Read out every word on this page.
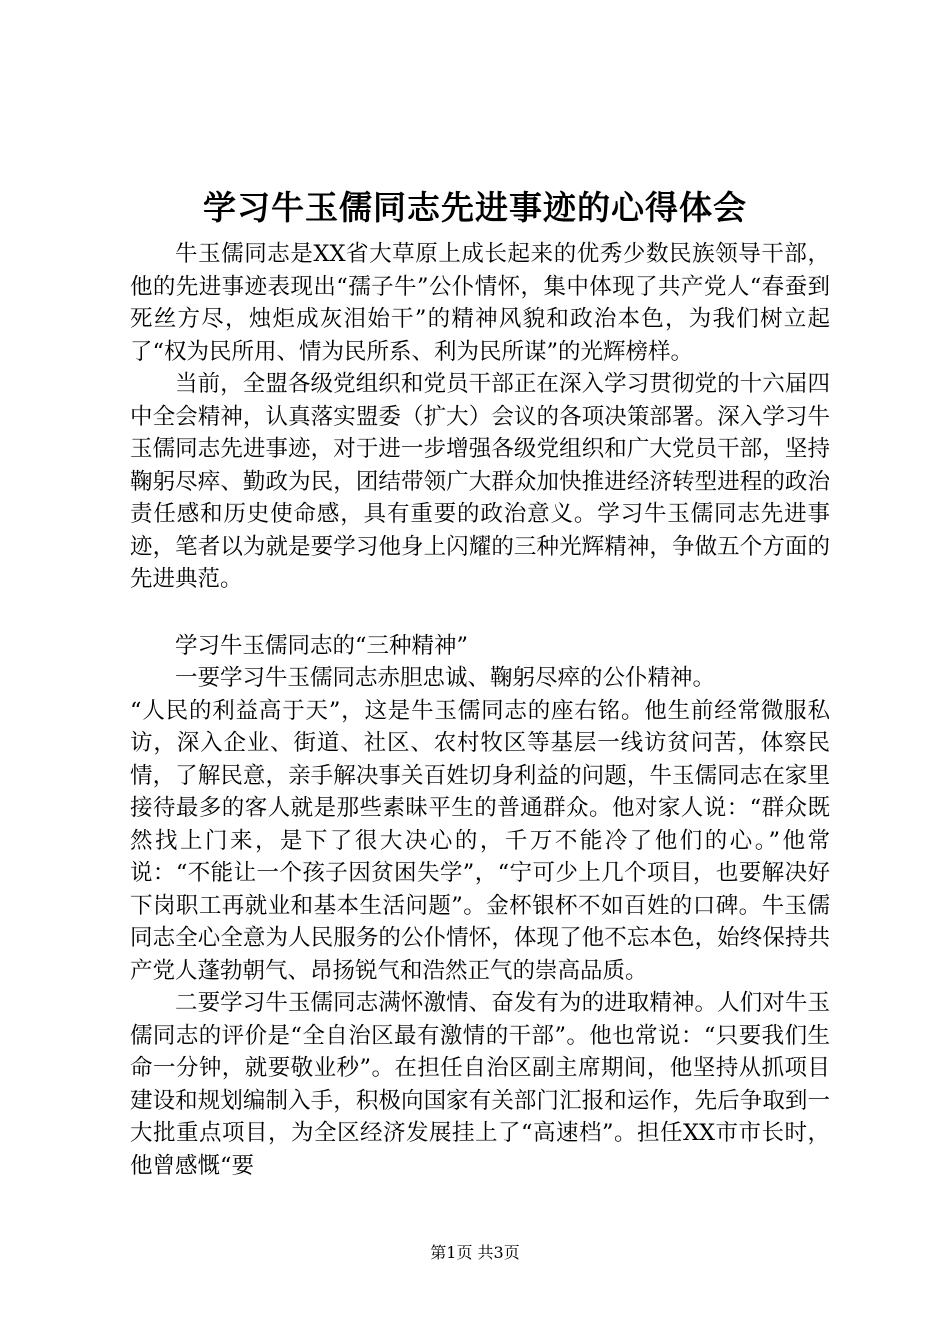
学习牛玉儒同志先进事迹的心得体会

牛玉儒同志是XX省大草原上成长起来的优秀少数民族领导干部，他的先进事迹表现出“孺子牛”公仆情怀，集中体现了共产党人“春蚕到死丝方尽，烛炬成灰泪始干”的精神风貌和政治本色，为我们树立起了“权为民所用、情为民所系、利为民所谋”的光辉榜样。

当前，全盟各级党组织和党员干部正在深入学习贯彻党的十六届四中全会精神，认真落实盟委（扩大）会议的各项决策部署。深入学习牛玉儒同志先进事迹，对于进一步增强各级党组织和广大党员干部，坚持鞠躬尽瘁、勤政为民，团结带领广大群众加快推进经济转型进程的政治责任感和历史使命感，具有重要的政治意义。学习牛玉儒同志先进事迹，笔者以为就是要学习他身上闪耀的三种光辉精神，争做五个方面的先进典范。

学习牛玉儒同志的“三种精神”

一要学习牛玉儒同志赤胆忠诚、鞠躬尽瘁的公仆精神。

“人民的利益高于天”，这是牛玉儒同志的座右铭。他生前经常微服私访，深入企业、街道、社区、农村牧区等基层一线访贫问苦，体察民情，了解民意，亲手解决事关百姓切身利益的问题，牛玉儒同志在家里接待最多的客人就是那些素昧平生的普通群众。他对家人说：“群众既然找上门来，是下了很大决心的，千万不能冷了他们的心。”他常说：“不能让一个孩子因贫困失学”，“宁可少上几个项目，也要解决好下岗职工再就业和基本生活问题”。金杯银杯不如百姓的口碑。牛玉儒同志全心全意为人民服务的公仆情怀，体现了他不忘本色，始终保持共产党人蓬勃朝气、昂扬锐气和浩然正气的崇高品质。

二要学习牛玉儒同志满怀激情、奋发有为的进取精神。人们对牛玉儒同志的评价是“全自治区最有激情的干部”。他也常说：“只要我们生命一分钟，就要敬业秒”。在担任自治区副主席期间，他坚持从抓项目建设和规划编制入手，积极向国家有关部门汇报和运作，先后争取到一大批重点项目，为全区经济发展挂上了“高速档”。担任XX市市长时，他曾感慨“要

第1页 共3页
